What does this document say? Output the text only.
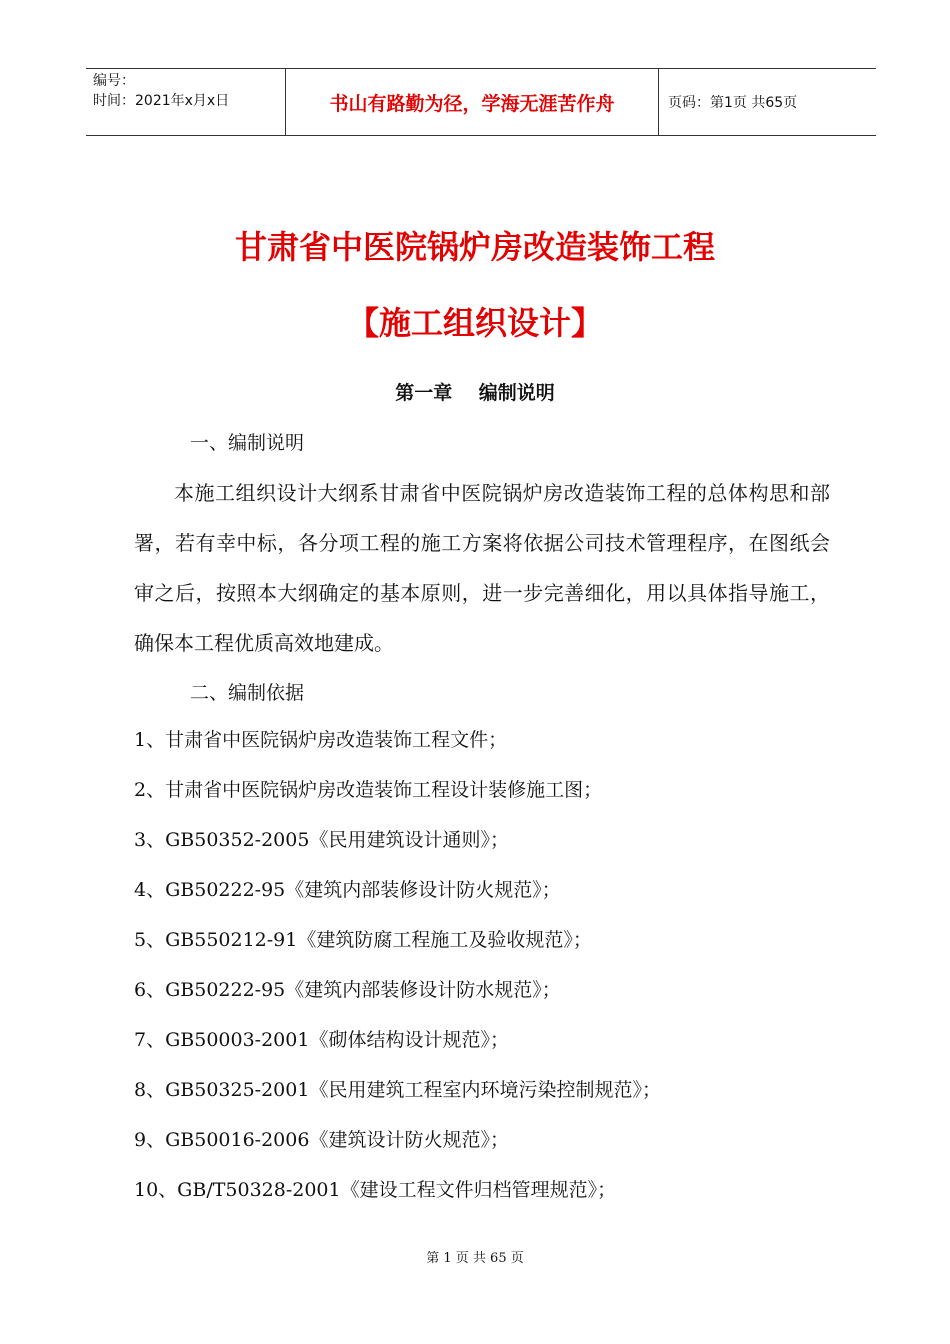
编号：
时间：2021年x月x日	书山有路勤为径，学海无涯苦作舟	页码：第1页 共65页
甘肃省中医院锅炉房改造装饰工程
【施工组织设计】
第一章    编制说明
一、编制说明

本施工组织设计大纲系甘肃省中医院锅炉房改造装饰工程的总体构思和部署，若有幸中标，各分项工程的施工方案将依据公司技术管理程序，在图纸会审之后，按照本大纲确定的基本原则，进一步完善细化，用以具体指导施工，确保本工程优质高效地建成。

二、编制依据
1、甘肃省中医院锅炉房改造装饰工程文件；
2、甘肃省中医院锅炉房改造装饰工程设计装修施工图；
3、GB50352-2005《民用建筑设计通则》；
4、GB50222-95《建筑内部装修设计防火规范》；
5、GB550212-91《建筑防腐工程施工及验收规范》；
6、GB50222-95《建筑内部装修设计防水规范》；
7、GB50003-2001《砌体结构设计规范》；
8、GB50325-2001《民用建筑工程室内环境污染控制规范》；
9、GB50016-2006《建筑设计防火规范》；
10、GB/T50328-2001《建设工程文件归档管理规范》；
第 1 页 共 65 页
